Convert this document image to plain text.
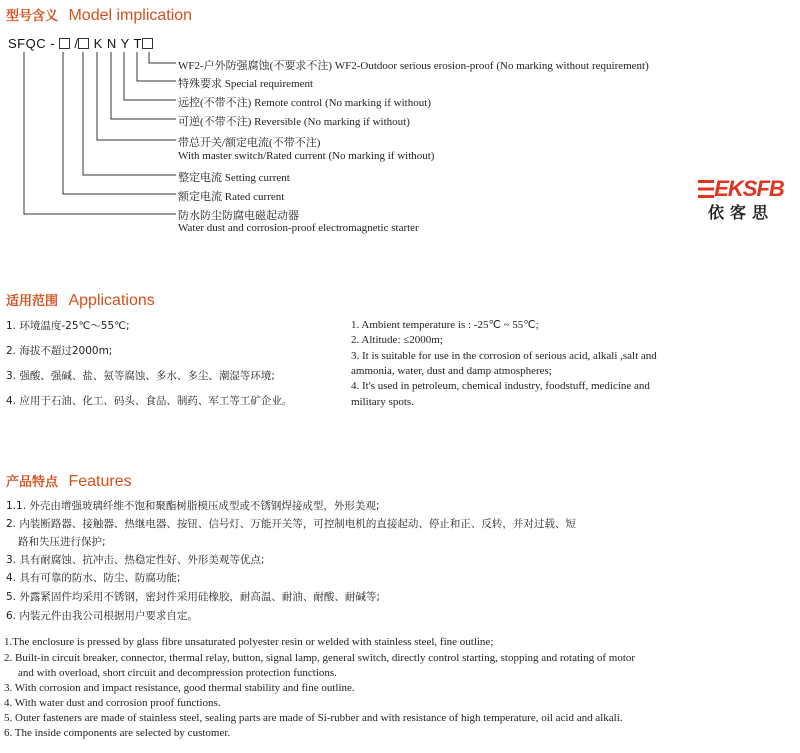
型号含义 Model implication
SFQC - / K N Y T
WF2-户外防强腐蚀(不要求不注) WF2-Outdoor serious erosion-proof (No marking without requirement)
特殊要求 Special requirement
远控(不带不注) Remote control (No marking if without)
可逆(不带不注) Reversible (No marking if without)
带总开关/额定电流(不带不注)
With master switch/Rated current (No marking if without)
整定电流 Setting current
额定电流 Rated current
防水防尘防腐电磁起动器
Water dust and corrosion-proof electromagnetic starter
EKSFB
依客思
适用范围 Applications
1. 环境温度-25℃～55℃;
2. 海拔不超过2000m;
3. 强酸、强碱、盐、氨等腐蚀、多水、多尘、潮湿等环境;
4. 应用于石油、化工、码头、食品、制药、军工等工矿企业。
1. Ambient temperature is : -25℃ ~ 55℃;
2. Altitude: ≤2000m;
3. It is suitable for use in the corrosion of serious acid, alkali ,salt and
ammonia, water, dust and damp atmospheres;
4. It's used in petroleum, chemical industry, foodstuff, medicine and
military spots.
产品特点 Features
1.1. 外壳由增强玻璃纤维不饱和聚酯树脂模压成型或不锈钢焊接成型，外形美观;
2. 内装断路器、接触器、热继电器、按钮、信号灯、万能开关等，可控制电机的直接起动、停止和正、反转，并对过载、短
路和失压进行保护;
3. 具有耐腐蚀、抗冲击、热稳定性好、外形美观等优点;
4. 具有可靠的防水、防尘、防腐功能;
5. 外露紧固件均采用不锈钢，密封件采用硅橡胶，耐高温、耐油、耐酸、耐碱等;
6. 内装元件由我公司根据用户要求自定。
1.The enclosure is pressed by glass fibre unsaturated polyester resin or welded with stainless steel, fine outline;
2. Built-in circuit breaker, connector, thermal relay, button, signal lamp, general switch, directly control starting, stopping and rotating of motor
and with overload, short circuit and decompression protection functions.
3. With corrosion and impact resistance, good thermal stability and fine outline.
4. With water dust and corrosion proof functions.
5. Outer fasteners are made of stainless steel, sealing parts are made of Si-rubber and with resistance of high temperature, oil acid and alkali.
6. The inside components are selected by customer.
